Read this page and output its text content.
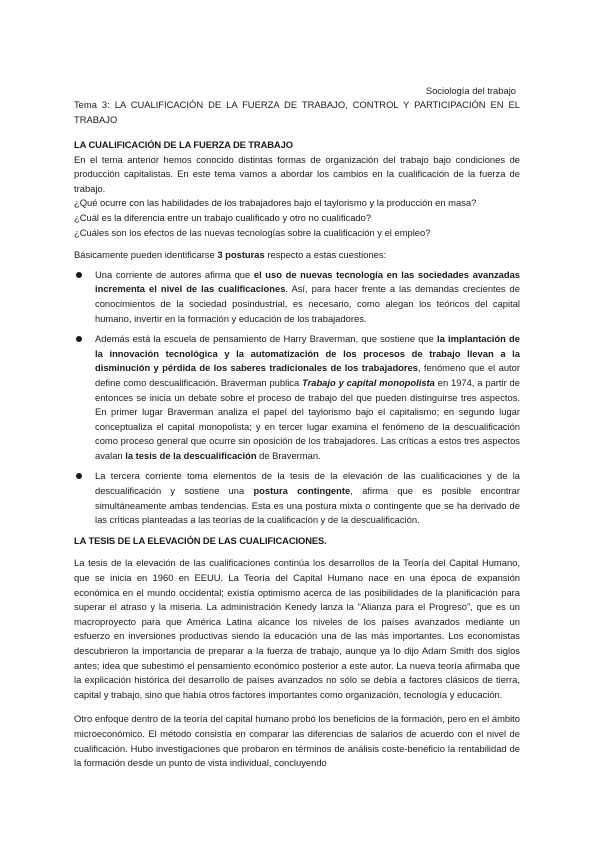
Sociología del trabajo
Tema 3: LA CUALIFICACIÓN DE LA FUERZA DE TRABAJO, CONTROL Y PARTICIPACIÓN EN EL TRABAJO
LA CUALIFICACIÓN DE LA FUERZA DE TRABAJO

En el tema anterior hemos conocido distintas formas de organización del trabajo bajo condiciones de producción capitalistas. En este tema vamos a abordar los cambios en la cualificación de la fuerza de trabajo.

¿Qué ocurre con las habilidades de los trabajadores bajo el taylorismo y la producción en masa?
¿Cuál es la diferencia entre un trabajo cualificado y otro no cualificado?
¿Cuáles son los efectos de las nuevas tecnologías sobre la cualificación y el empleo?

Básicamente pueden identificarse 3 posturas respecto a estas cuestiones:

Una corriente de autores afirma que el uso de nuevas tecnología en las sociedades avanzadas incrementa el nivel de las cualificaciones. Así, para hacer frente a las demandas crecientes de conocimientos de la sociedad posindustrial, es necesario, como alegan los teóricos del capital humano, invertir en la formación y educación de los trabajadores.
Además está la escuela de pensamiento de Harry Braverman, que sostiene que la implantación de la innovación tecnológica y la automatización de los procesos de trabajo llevan a la disminución y pérdida de los saberes tradicionales de los trabajadores, fenómeno que el autor define como descualificación. Braverman publica Trabajo y capital monopolista en 1974, a partir de entonces se inicia un debate sobre el proceso de trabajo del que pueden distinguirse tres aspectos. En primer lugar Braverman analiza el papel del taylorismo bajo el capitalismo; en segundo lugar conceptualiza el capital monopolista; y en tercer lugar examina el fenómeno de la descualificación como proceso general que ocurre sin oposición de los trabajadores. Las críticas a estos tres aspectos avalan la tesis de la descualificación de Braverman.
La tercera corriente toma elementos de la tesis de la elevación de las cualificaciones y de la descualificación y sostiene una postura contingente, afirma que es posible encontrar simultáneamente ambas tendencias. Esta es una postura mixta o contingente que se ha derivado de las críticas planteadas a las teorías de la cualificación y de la descualificación.
LA TESIS DE LA ELEVACIÓN DE LAS CUALIFICACIONES.

La tesis de la elevación de las cualificaciones continúa los desarrollos de la Teoría del Capital Humano, que se inicia en 1960 en EEUU. La Teoría del Capital Humano nace en una época de expansión económica en el mundo occidental; existía optimismo acerca de las posibilidades de la planificación para superar el atraso y la miseria. La administración Kenedy lanza la “Alianza para el Progreso”, que es un macroproyecto para que América Latina alcance los niveles de los países avanzados mediante un esfuerzo en inversiones productivas siendo la educación una de las más importantes. Los economistas descubrieron la importancia de preparar a la fuerza de trabajo, aunque ya lo dijo Adam Smith dos siglos antes; idea que subestimó el pensamiento económico posterior a este autor. La nueva teoría afirmaba que la explicación histórica del desarrollo de países avanzados no sólo se debía a factores clásicos de tierra, capital y trabajo, sino que había otros factores importantes como organización, tecnología y educación.

Otro enfoque dentro de la teoría del capital humano probó los beneficios de la formación, pero en el ámbito microeconómico. El método consistía en comparar las diferencias de salarios de acuerdo con el nivel de cualificación. Hubo investigaciones que probaron en términos de análisis coste-beneficio la rentabilidad de la formación desde un punto de vista individual, concluyendo
